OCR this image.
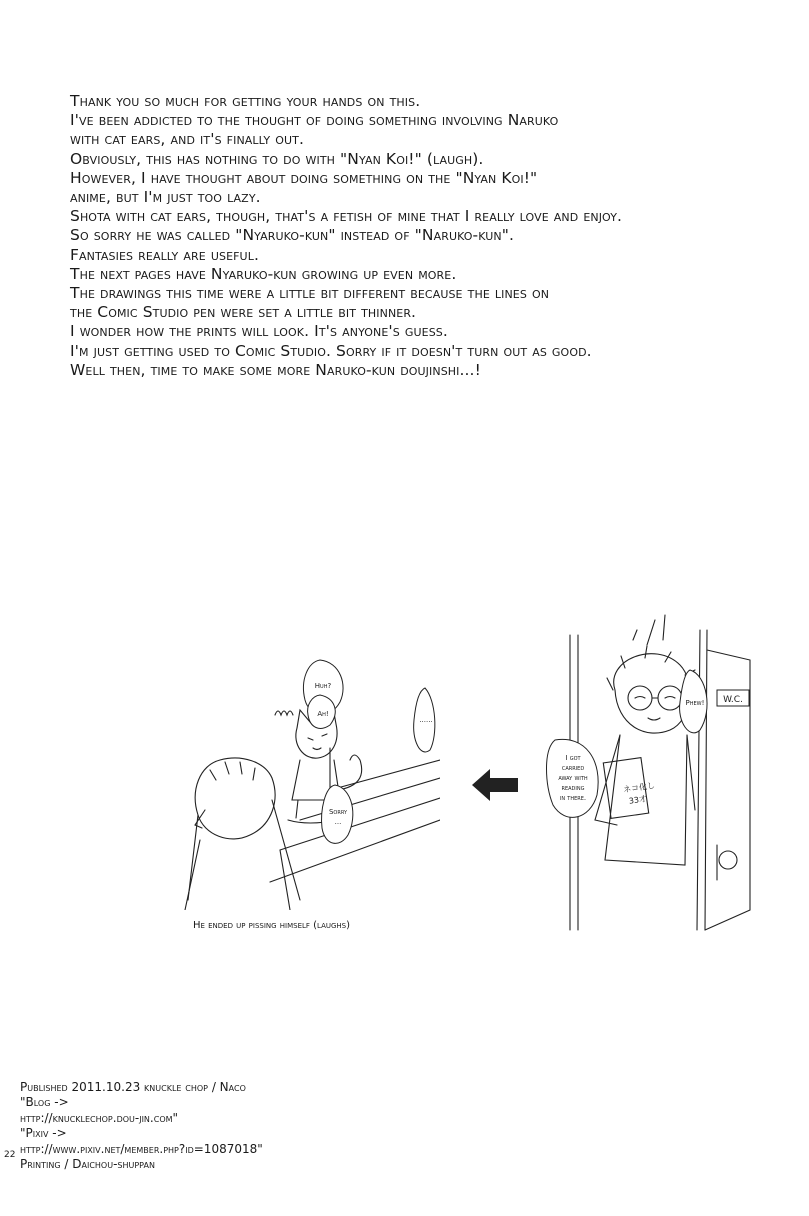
Thank you so much for getting your hands on this.
I've been addicted to the thought of doing something involving Naruko
with cat ears, and it's finally out.
Obviously, this has nothing to do with "Nyan Koi!" (laugh).
However, I have thought about doing something on the "Nyan Koi!"
anime, but I'm just too lazy.
Shota with cat ears, though, that's a fetish of mine that I really love and enjoy.
So sorry he was called "Nyaruko-kun" instead of "Naruko-kun".
Fantasies really are useful.
The next pages have Nyaruko-kun growing up even more.
The drawings this time were a little bit different because the lines on
the Comic Studio pen were set a little bit thinner.
I wonder how the prints will look. It's anyone's guess.
I'm just getting used to Comic Studio. Sorry if it doesn't turn out as good.
Well then, time to make some more Naruko-kun doujinshi...!
Huh?
Ah!
......
Sorry
...
ネコ化し
33才
W.C.
Phew!
I got
carried
away with
reading
in there.
He ended up pissing himself (laughs)
Published 2011.10.23 knuckle chop / Naco
"Blog ->
http://knucklechop.dou-jin.com"
"Pixiv ->
http://www.pixiv.net/member.php?id=1087018"
Printing / Daichou-shuppan
22
